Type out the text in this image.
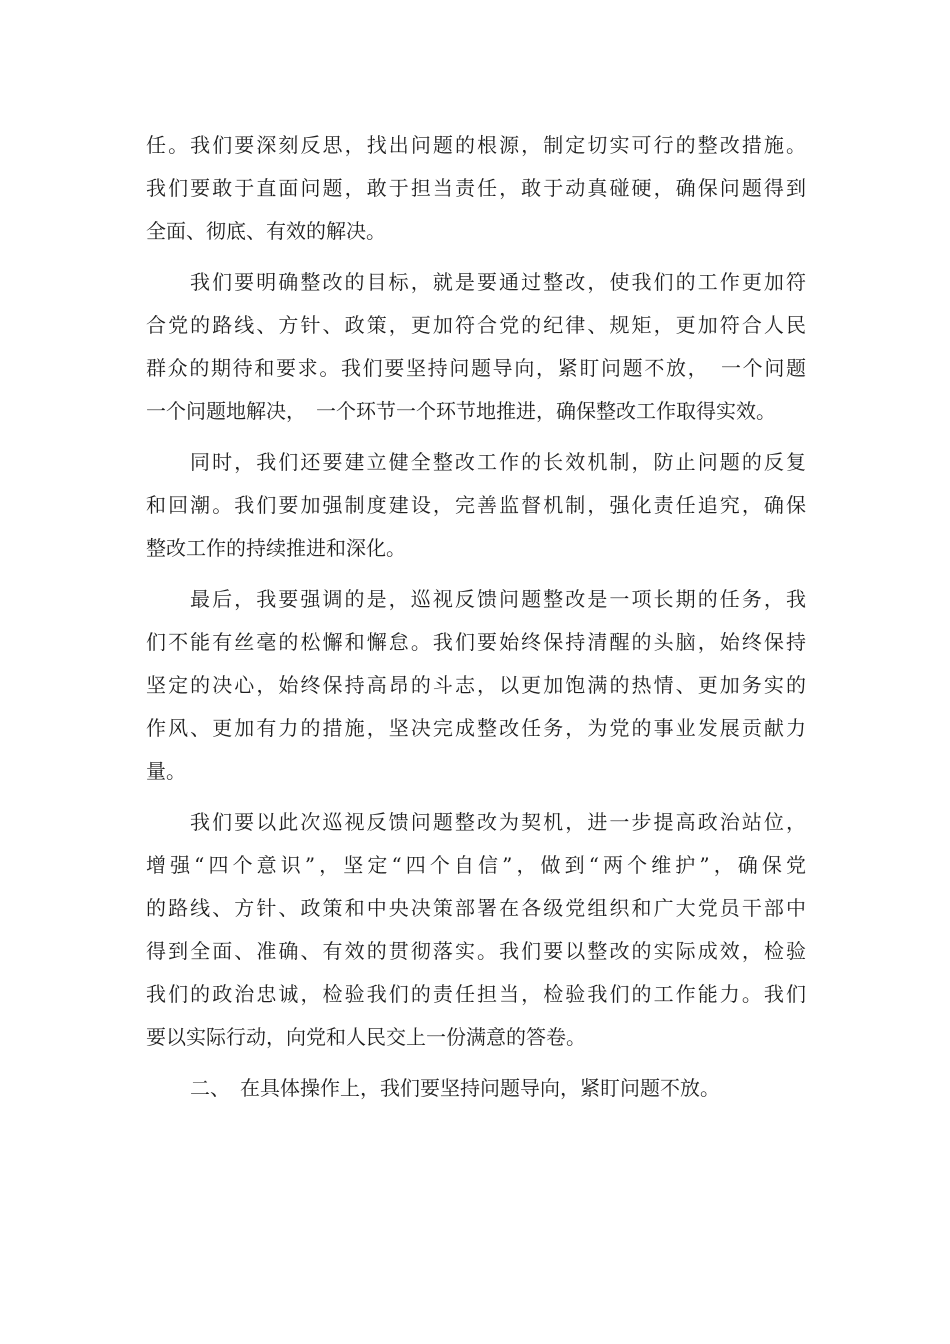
任。我们要深刻反思，找出问题的根源，制定切实可行的整改措施。
我们要敢于直面问题，敢于担当责任，敢于动真碰硬，确保问题得到
全面、彻底、有效的解决。
我们要明确整改的目标，就是要通过整改，使我们的工作更加符
合党的路线、方针、政策，更加符合党的纪律、规矩，更加符合人民
群众的期待和要求。我们要坚持问题导向，紧盯问题不放，　一个问题
一个问题地解决，　一个环节一个环节地推进，确保整改工作取得实效。
同时，我们还要建立健全整改工作的长效机制，防止问题的反复
和回潮。我们要加强制度建设，完善监督机制，强化责任追究，确保
整改工作的持续推进和深化。
最后，我要强调的是，巡视反馈问题整改是一项长期的任务，我
们不能有丝毫的松懈和懈怠。我们要始终保持清醒的头脑，始终保持
坚定的决心，始终保持高昂的斗志，以更加饱满的热情、更加务实的
作风、更加有力的措施，坚决完成整改任务，为党的事业发展贡献力
量。
我们要以此次巡视反馈问题整改为契机，进一步提高政治站位，
增强“四个意识”，坚定“四个自信”，做到“两个维护”，确保党
的路线、方针、政策和中央决策部署在各级党组织和广大党员干部中
得到全面、准确、有效的贯彻落实。我们要以整改的实际成效，检验
我们的政治忠诚，检验我们的责任担当，检验我们的工作能力。我们
要以实际行动，向党和人民交上一份满意的答卷。
二、　在具体操作上，我们要坚持问题导向，紧盯问题不放。
